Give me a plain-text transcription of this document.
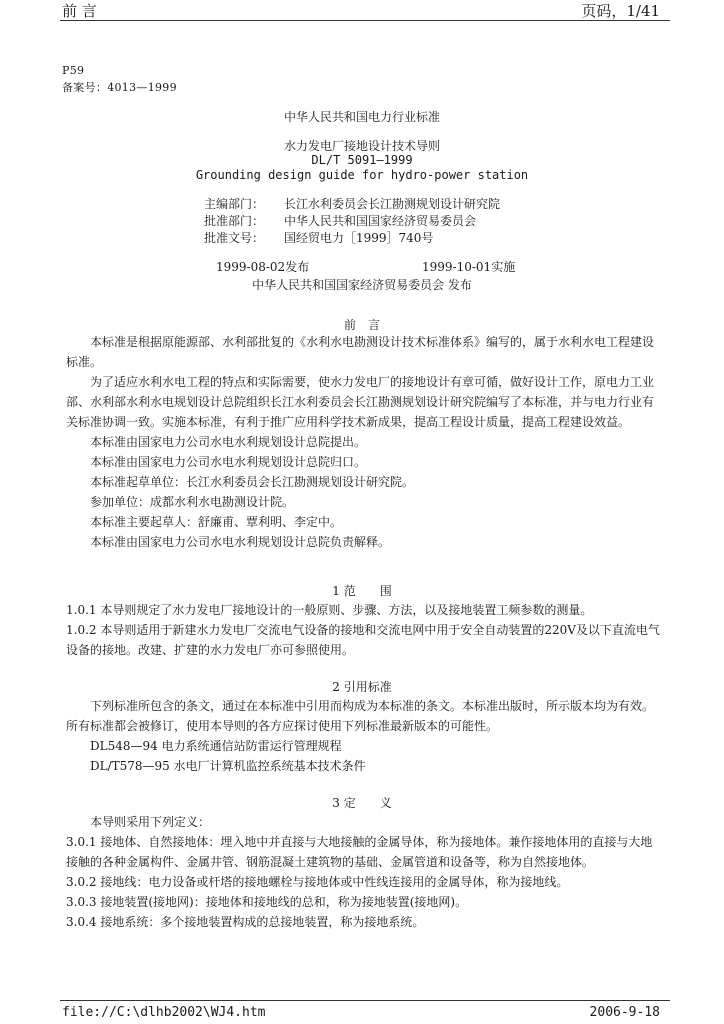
前 言	页码，1/41
P59
备案号：4013—1999
中华人民共和国电力行业标准
水力发电厂接地设计技术导则
DL/T 5091—1999
Grounding design guide for hydro-power station
主编部门：	长江水利委员会长江勘测规划设计研究院
批准部门：	中华人民共和国国家经济贸易委员会
批准文号：	国经贸电力［1999］740号
1999-08-02发布	1999-10-01实施
中华人民共和国国家经济贸易委员会 发布
前　言

本标准是根据原能源部、水利部批复的《水利水电勘测设计技术标准体系》编写的，属于水利水电工程建设标准。

为了适应水利水电工程的特点和实际需要，使水力发电厂的接地设计有章可循，做好设计工作，原电力工业部、水利部水利水电规划设计总院组织长江水利委员会长江勘测规划设计研究院编写了本标准，并与电力行业有关标准协调一致。实施本标准，有利于推广应用科学技术新成果，提高工程设计质量，提高工程建设效益。

本标准由国家电力公司水电水利规划设计总院提出。

本标准由国家电力公司水电水利规划设计总院归口。

本标准起草单位：长江水利委员会长江勘测规划设计研究院。

参加单位：成都水利水电勘测设计院。

本标准主要起草人：舒廉甫、覃利明、李定中。

本标准由国家电力公司水电水利规划设计总院负责解释。

1 范　　围

1.0.1 本导则规定了水力发电厂接地设计的一般原则、步骤、方法，以及接地装置工频参数的测量。

1.0.2 本导则适用于新建水力发电厂交流电气设备的接地和交流电网中用于安全自动装置的220V及以下直流电气设备的接地。改建、扩建的水力发电厂亦可参照使用。

2 引用标准

下列标准所包含的条文，通过在本标准中引用而构成为本标准的条文。本标准出版时，所示版本均为有效。所有标准都会被修订，使用本导则的各方应探讨使用下列标准最新版本的可能性。

DL548—94 电力系统通信站防雷运行管理规程

DL/T578—95 水电厂计算机监控系统基本技术条件

3 定　　义

本导则采用下列定义：

3.0.1 接地体、自然接地体：埋入地中并直接与大地接触的金属导体，称为接地体。兼作接地体用的直接与大地接触的各种金属构件、金属井管、钢筋混凝土建筑物的基础、金属管道和设备等，称为自然接地体。

3.0.2 接地线：电力设备或杆塔的接地螺栓与接地体或中性线连接用的金属导体，称为接地线。

3.0.3 接地装置(接地网)：接地体和接地线的总和，称为接地装置(接地网)。

3.0.4 接地系统：多个接地装置构成的总接地装置，称为接地系统。

file://C:\dlhb2002\WJ4.htm	2006-9-18
